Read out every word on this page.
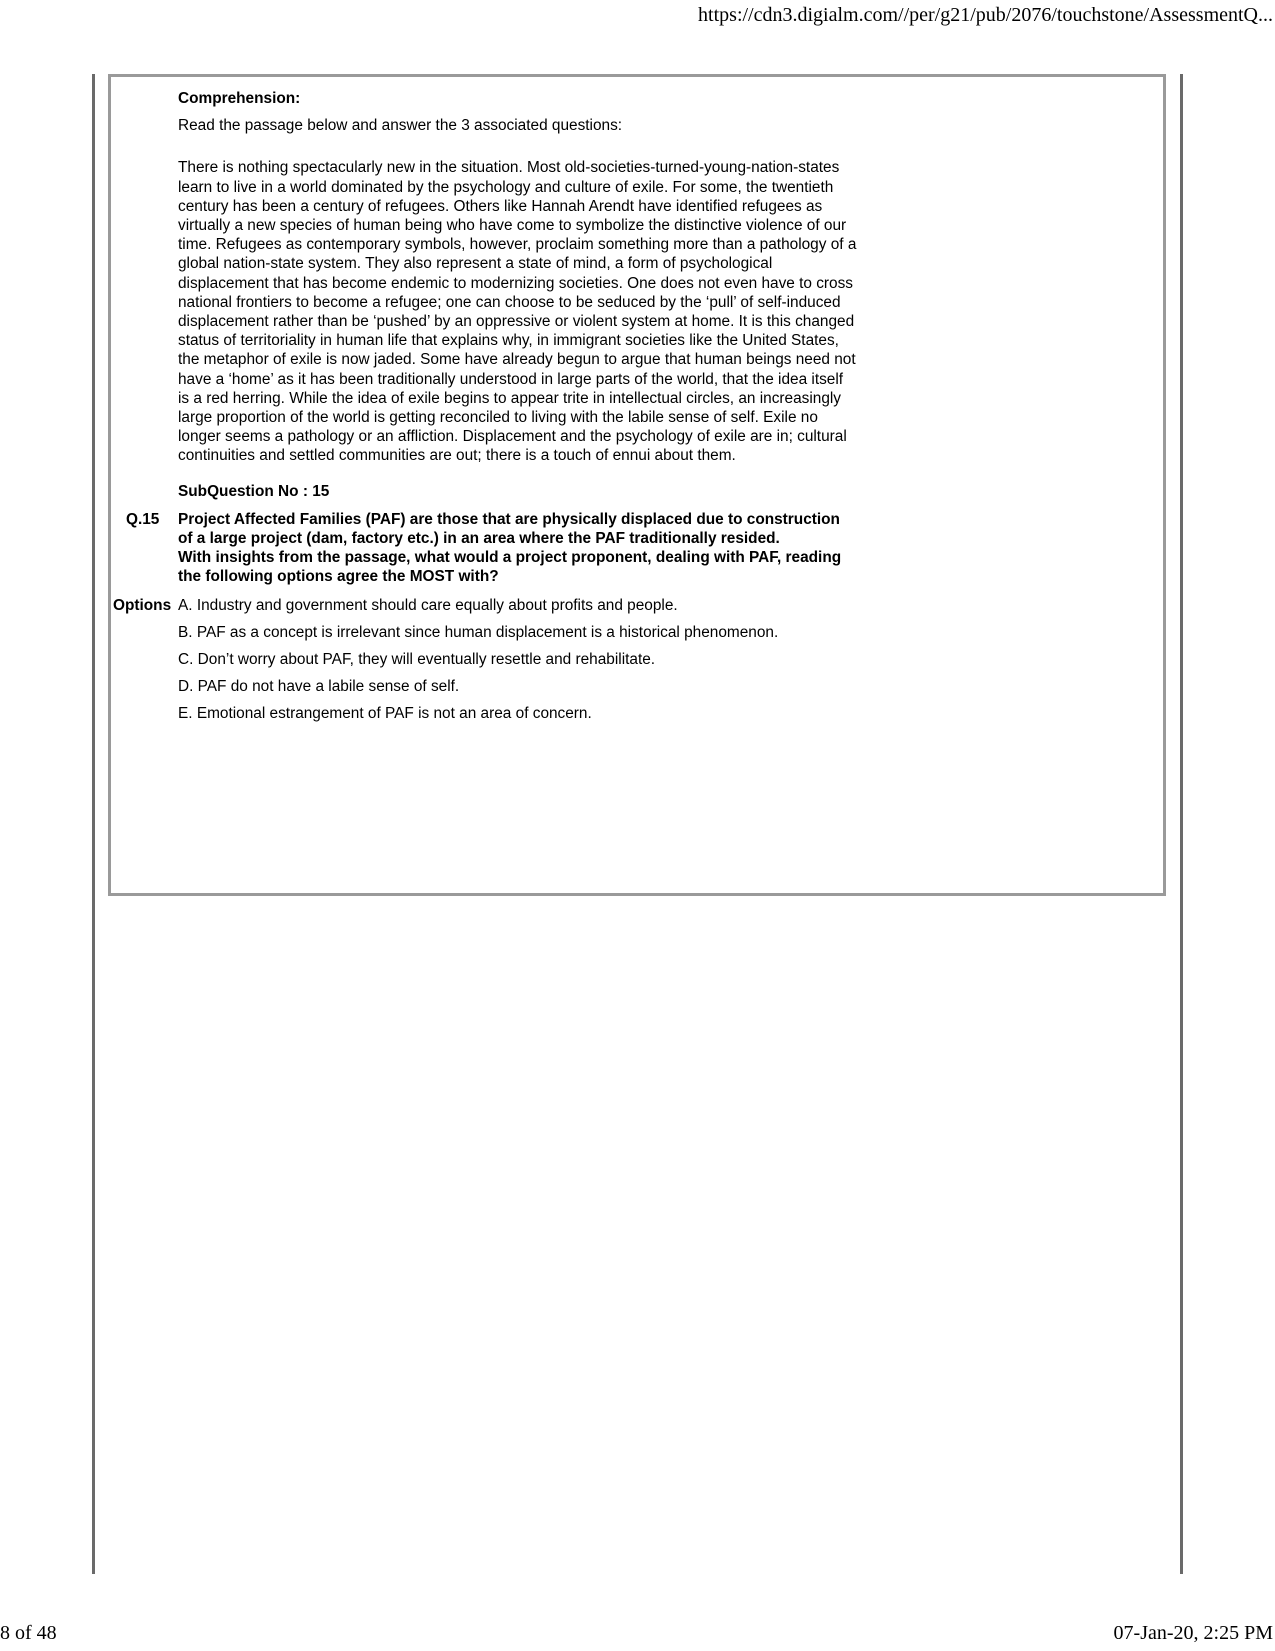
https://cdn3.digialm.com//per/g21/pub/2076/touchstone/AssessmentQ...

Comprehension:

Read the passage below and answer the 3 associated questions:

There is nothing spectacularly new in the situation. Most old-societies-turned-young-nation-states learn to live in a world dominated by the psychology and culture of exile. For some, the twentieth century has been a century of refugees. Others like Hannah Arendt have identified refugees as virtually a new species of human being who have come to symbolize the distinctive violence of our time. Refugees as contemporary symbols, however, proclaim something more than a pathology of a global nation-state system. They also represent a state of mind, a form of psychological displacement that has become endemic to modernizing societies. One does not even have to cross national frontiers to become a refugee; one can choose to be seduced by the ‘pull’ of self-induced displacement rather than be ‘pushed’ by an oppressive or violent system at home. It is this changed status of territoriality in human life that explains why, in immigrant societies like the United States, the metaphor of exile is now jaded. Some have already begun to argue that human beings need not have a ‘home’ as it has been traditionally understood in large parts of the world, that the idea itself is a red herring. While the idea of exile begins to appear trite in intellectual circles, an increasingly large proportion of the world is getting reconciled to living with the labile sense of self. Exile no longer seems a pathology or an affliction. Displacement and the psychology of exile are in; cultural continuities and settled communities are out; there is a touch of ennui about them.

SubQuestion No : 15

Q.15 Project Affected Families (PAF) are those that are physically displaced due to construction of a large project (dam, factory etc.) in an area where the PAF traditionally resided.

With insights from the passage, what would a project proponent, dealing with PAF, reading the following options agree the MOST with?

Options A. Industry and government should care equally about profits and people.
B. PAF as a concept is irrelevant since human displacement is a historical phenomenon.
C. Don’t worry about PAF, they will eventually resettle and rehabilitate.
D. PAF do not have a labile sense of self.
E. Emotional estrangement of PAF is not an area of concern.
8 of 48	07-Jan-20, 2:25 PM
